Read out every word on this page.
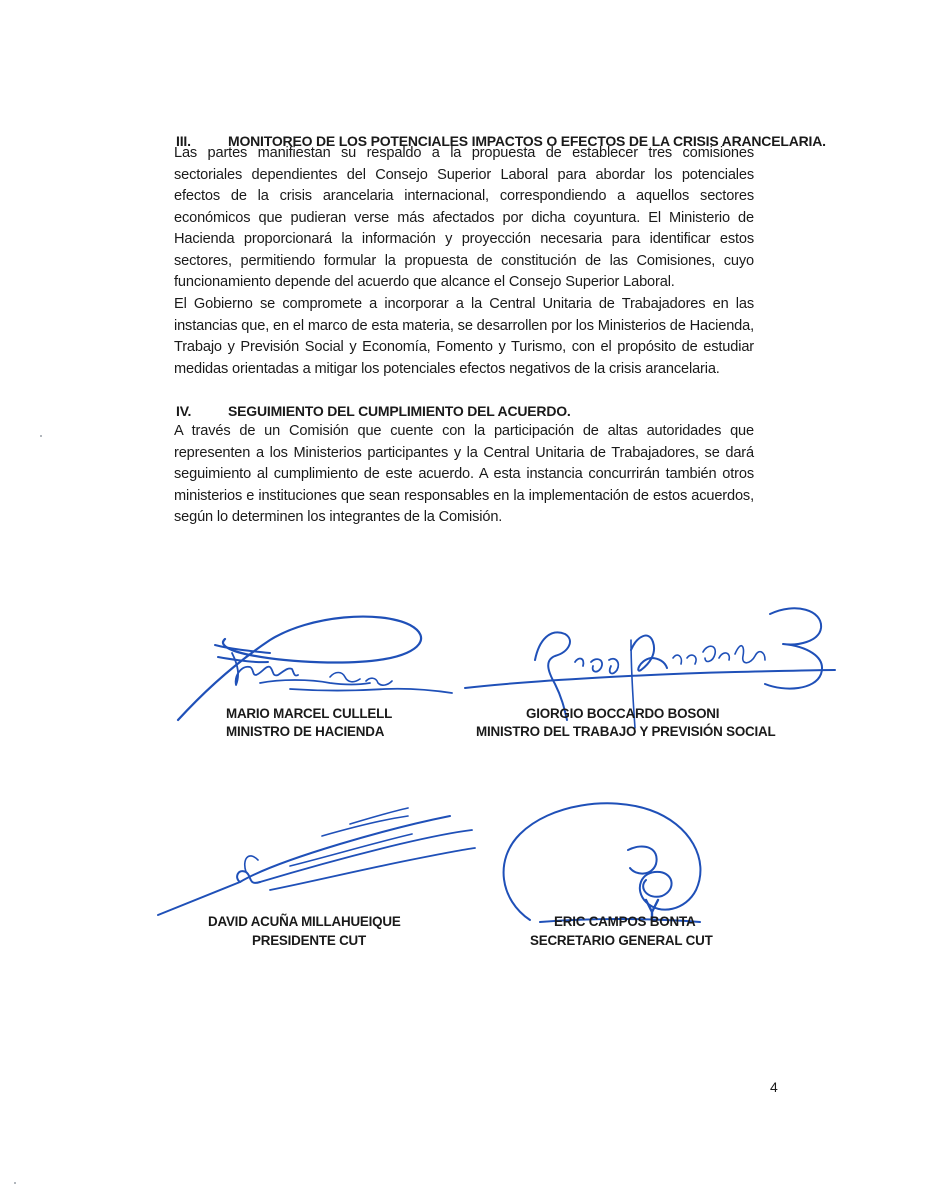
III.	MONITOREO DE LOS POTENCIALES IMPACTOS O EFECTOS DE LA CRISIS ARANCELARIA.

Las partes manifiestan su respaldo a la propuesta de establecer tres comisiones sectoriales dependientes del Consejo Superior Laboral para abordar los potenciales efectos de la crisis arancelaria internacional, correspondiendo a aquellos sectores económicos que pudieran verse más afectados por dicha coyuntura. El Ministerio de Hacienda proporcionará la información y proyección necesaria para identificar estos sectores, permitiendo formular la propuesta de constitución de las Comisiones, cuyo funcionamiento depende del acuerdo que alcance el Consejo Superior Laboral.

El Gobierno se compromete a incorporar a la Central Unitaria de Trabajadores en las instancias que, en el marco de esta materia, se desarrollen por los Ministerios de Hacienda, Trabajo y Previsión Social y Economía, Fomento y Turismo, con el propósito de estudiar medidas orientadas a mitigar los potenciales efectos negativos de la crisis arancelaria.

IV.	SEGUIMIENTO DEL CUMPLIMIENTO DEL ACUERDO.

A través de un Comisión que cuente con la participación de altas autoridades que representen a los Ministerios participantes y la Central Unitaria de Trabajadores, se dará seguimiento al cumplimiento de este acuerdo. A esta instancia concurrirán también otros ministerios e instituciones que sean responsables en la implementación de estos acuerdos, según lo determinen los integrantes de la Comisión.

MARIO MARCEL CULLELL
MINISTRO DE HACIENDA
GIORGIO BOCCARDO BOSONI
MINISTRO DEL TRABAJO Y PREVISIÓN SOCIAL
DAVID ACUÑA MILLAHUEIQUE
PRESIDENTE CUT
ERIC CAMPOS BONTA
SECRETARIO GENERAL CUT
4
